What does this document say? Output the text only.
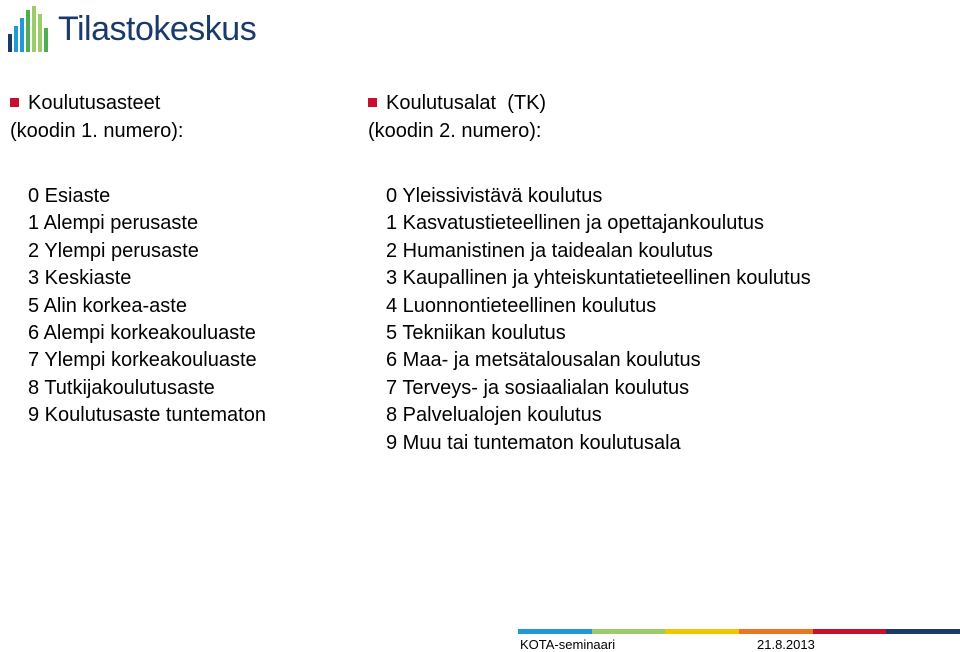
Tilastokeskus
Koulutusasteet
(koodin 1. numero):
0 Esiaste
1 Alempi perusaste
2 Ylempi perusaste
3 Keskiaste
5 Alin korkea-aste
6 Alempi korkeakouluaste
7 Ylempi korkeakouluaste
8 Tutkijakoulutusaste
9 Koulutusaste tuntematon
Koulutusalat  (TK)
(koodin 2. numero):
0 Yleissivistävä koulutus
1 Kasvatustieteellinen ja opettajankoulutus
2 Humanistinen ja taidealan koulutus
3 Kaupallinen ja yhteiskuntatieteellinen koulutus
4 Luonnontieteellinen koulutus
5 Tekniikan koulutus
6 Maa- ja metsätalousalan koulutus
7 Terveys- ja sosiaalialan koulutus
8 Palvelualojen koulutus
9 Muu tai tuntematon koulutusala
KOTA-seminaari	21.8.2013
